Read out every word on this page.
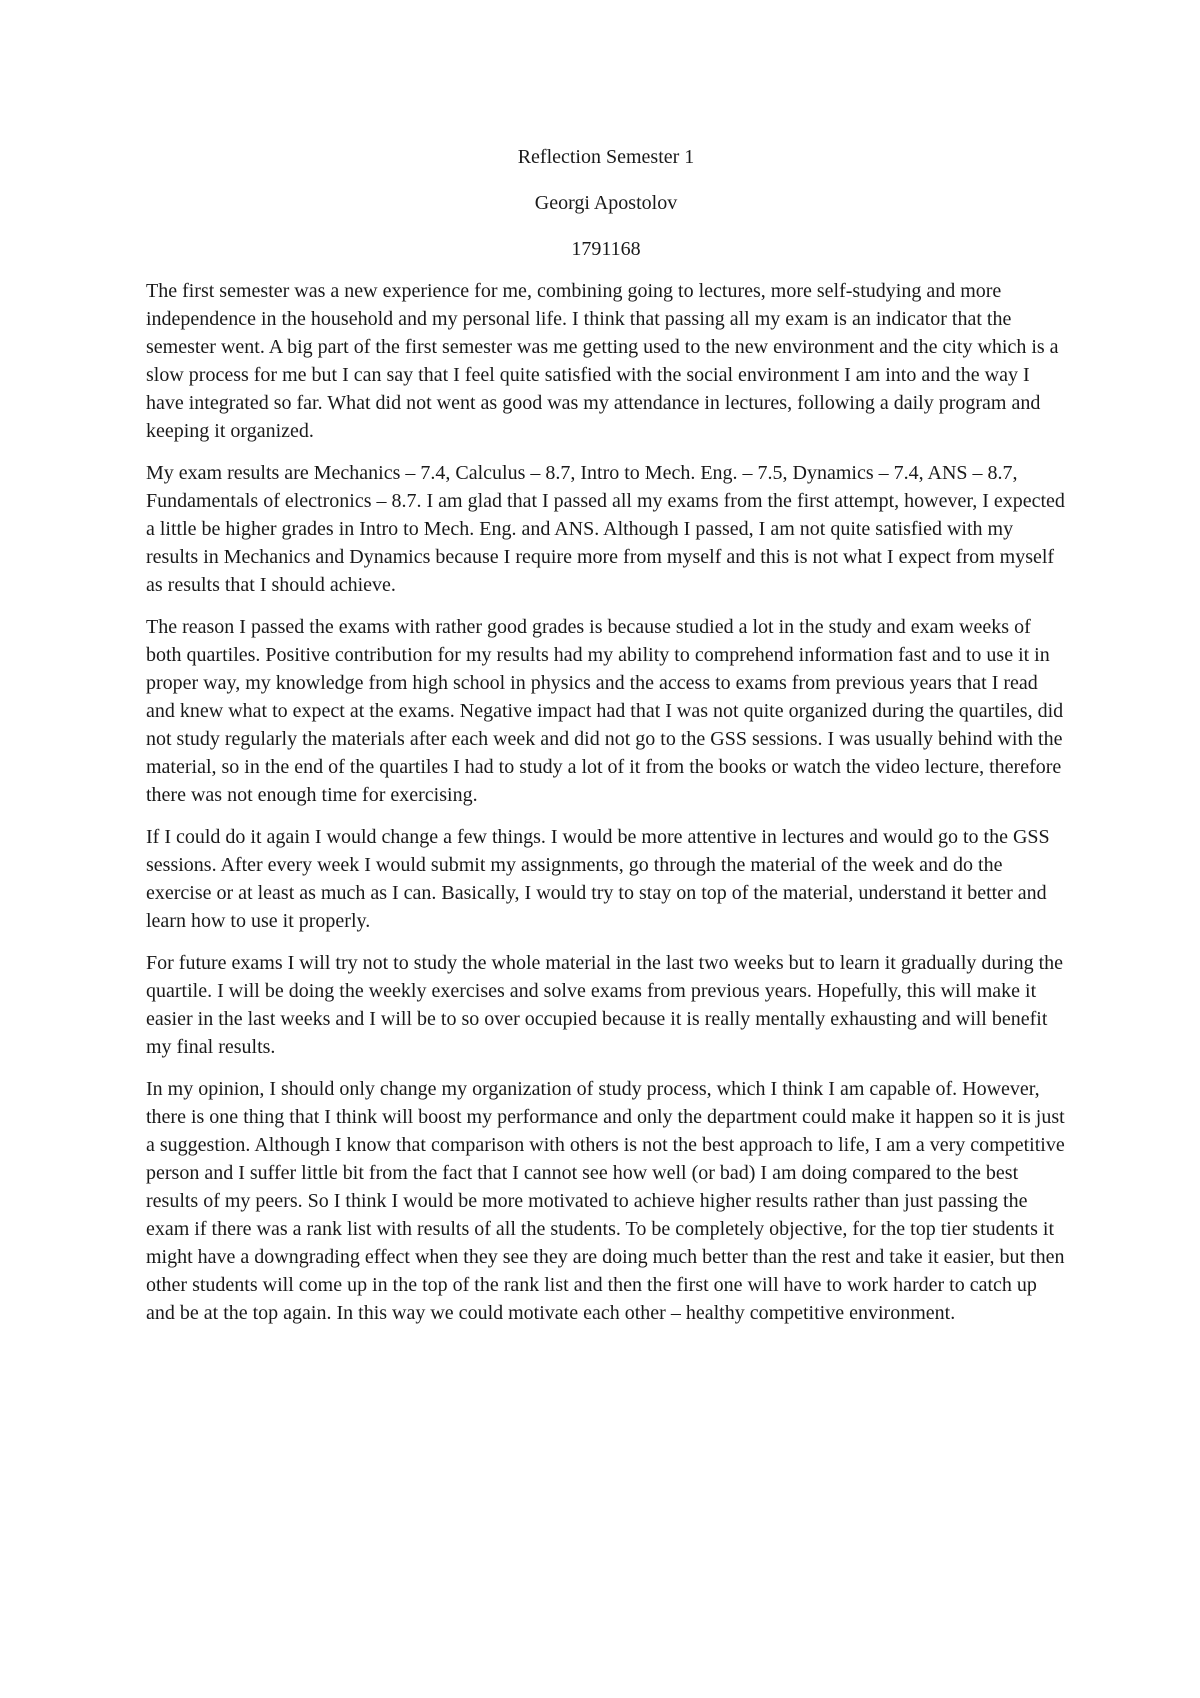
Reflection Semester 1

Georgi Apostolov

1791168

The first semester was a new experience for me, combining going to lectures, more self-studying and more independence in the household and my personal life. I think that passing all my exam is an indicator that the semester went. A big part of the first semester was me getting used to the new environment and the city which is a slow process for me but I can say that I feel quite satisfied with the social environment I am into and the way I have integrated so far. What did not went as good was my attendance in lectures, following a daily program and keeping it organized.

My exam results are Mechanics – 7.4, Calculus – 8.7, Intro to Mech. Eng. – 7.5, Dynamics – 7.4, ANS – 8.7, Fundamentals of electronics – 8.7. I am glad that I passed all my exams from the first attempt, however, I expected a little be higher grades in Intro to Mech. Eng. and ANS. Although I passed, I am not quite satisfied with my results in Mechanics and Dynamics because I require more from myself and this is not what I expect from myself as results that I should achieve.

The reason I passed the exams with rather good grades is because studied a lot in the study and exam weeks of both quartiles. Positive contribution for my results had my ability to comprehend information fast and to use it in proper way, my knowledge from high school in physics and the access to exams from previous years that I read and knew what to expect at the exams. Negative impact had that I was not quite organized during the quartiles, did not study regularly the materials after each week and did not go to the GSS sessions. I was usually behind with the material, so in the end of the quartiles I had to study a lot of it from the books or watch the video lecture, therefore there was not enough time for exercising.

If I could do it again I would change a few things. I would be more attentive in lectures and would go to the GSS sessions. After every week I would submit my assignments, go through the material of the week and do the exercise or at least as much as I can. Basically, I would try to stay on top of the material, understand it better and learn how to use it properly.

For future exams I will try not to study the whole material in the last two weeks but to learn it gradually during the quartile. I will be doing the weekly exercises and solve exams from previous years. Hopefully, this will make it easier in the last weeks and I will be to so over occupied because it is really mentally exhausting and will benefit my final results.

In my opinion, I should only change my organization of study process, which I think I am capable of. However, there is one thing that I think will boost my performance and only the department could make it happen so it is just a suggestion. Although I know that comparison with others is not the best approach to life, I am a very competitive person and I suffer little bit from the fact that I cannot see how well (or bad) I am doing compared to the best results of my peers. So I think I would be more motivated to achieve higher results rather than just passing the exam if there was a rank list with results of all the students. To be completely objective, for the top tier students it might have a downgrading effect when they see they are doing much better than the rest and take it easier, but then other students will come up in the top of the rank list and then the first one will have to work harder to catch up and be at the top again. In this way we could motivate each other – healthy competitive environment.
